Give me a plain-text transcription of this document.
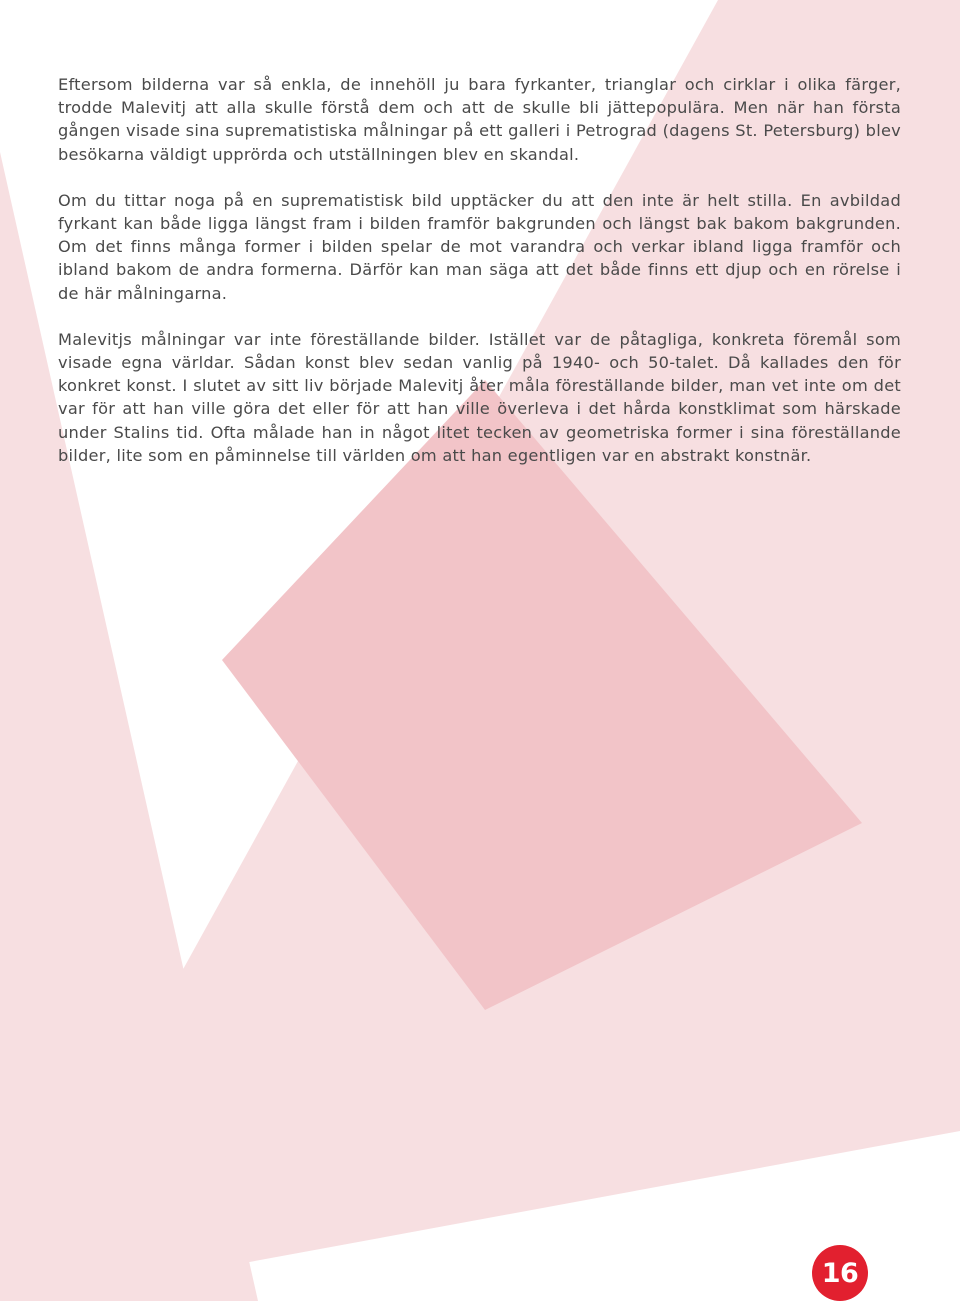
Eftersom bilderna var så enkla, de innehöll ju bara fyrkanter, trianglar och cirklar i olika färger, trodde Malevitj att alla skulle förstå dem och att de skulle bli jättepopulära. Men när han första gången visade sina suprematistiska målningar på ett galleri i Petrograd (dagens St. Petersburg) blev besökarna väldigt upprörda och utställningen blev en skandal.

Om du tittar noga på en suprematistisk bild upptäcker du att den inte är helt stilla. En avbildad fyrkant kan både ligga längst fram i bilden framför bakgrunden och längst bak bakom bakgrunden. Om det finns många former i bilden spelar de mot varandra och verkar ibland ligga framför och ibland bakom de andra formerna. Därför kan man säga att det både finns ett djup och en rörelse i de här målningarna.

Malevitjs målningar var inte föreställande bilder. Istället var de påtagliga, konkreta föremål som visade egna världar. Sådan konst blev sedan vanlig på 1940- och 50-talet. Då kallades den för konkret konst. I slutet av sitt liv började Malevitj åter måla föreställande bilder, man vet inte om det var för att han ville göra det eller för att han ville överleva i det hårda konstklimat som härskade under Stalins tid. Ofta målade han in något litet tecken av geometriska former i sina föreställande bilder, lite som en påminnelse till världen om att han egentligen var en abstrakt konstnär.

16
